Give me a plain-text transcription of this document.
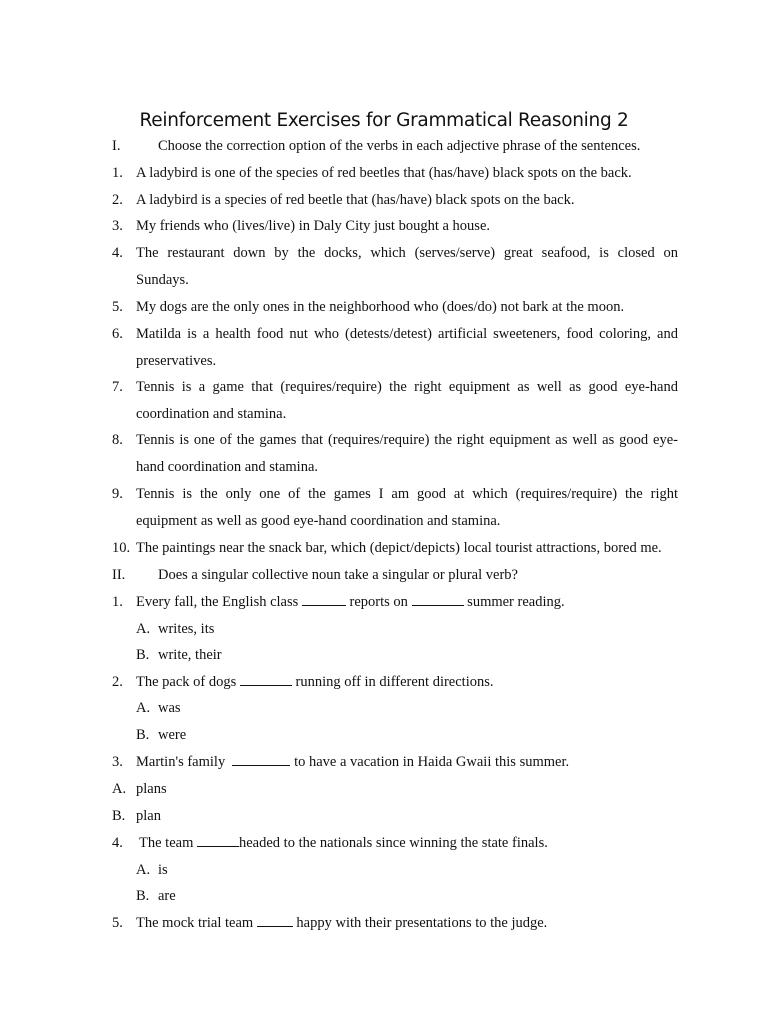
Reinforcement Exercises for Grammatical Reasoning 2
I.	Choose the correction option of the verbs in each adjective phrase of the sentences.
1. A ladybird is one of the species of red beetles that (has/have) black spots on the back.
2. A ladybird is a species of red beetle that (has/have) black spots on the back.
3. My friends who (lives/live) in Daly City just bought a house.
4. The restaurant down by the docks, which (serves/serve) great seafood, is closed on
Sundays.
5. My dogs are the only ones in the neighborhood who (does/do) not bark at the moon.
6. Matilda is a health food nut who (detests/detest) artificial sweeteners, food coloring, and
preservatives.
7. Tennis is a game that (requires/require) the right equipment as well as good eye-hand
coordination and stamina.
8. Tennis is one of the games that (requires/require) the right equipment as well as good eye-
hand coordination and stamina.
9. Tennis is the only one of the games I am good at which (requires/require) the right
equipment as well as good eye-hand coordination and stamina.
10. The paintings near the snack bar, which (depict/depicts) local tourist attractions, bored me.
II. Does a singular collective noun take a singular or plural verb?
1. Every fall, the English class	reports on	summer reading.
A. writes, its
B. write, their
2. The pack of dogs	running off in different directions.
A. was
B. were
3. Martin's family	to have a vacation in Haida Gwaii this summer.
A. plans
B. plan
4.	The team	headed to the nationals since winning the state finals.
A. is
B. are
5. The mock trial team	happy with their presentations to the judge.
